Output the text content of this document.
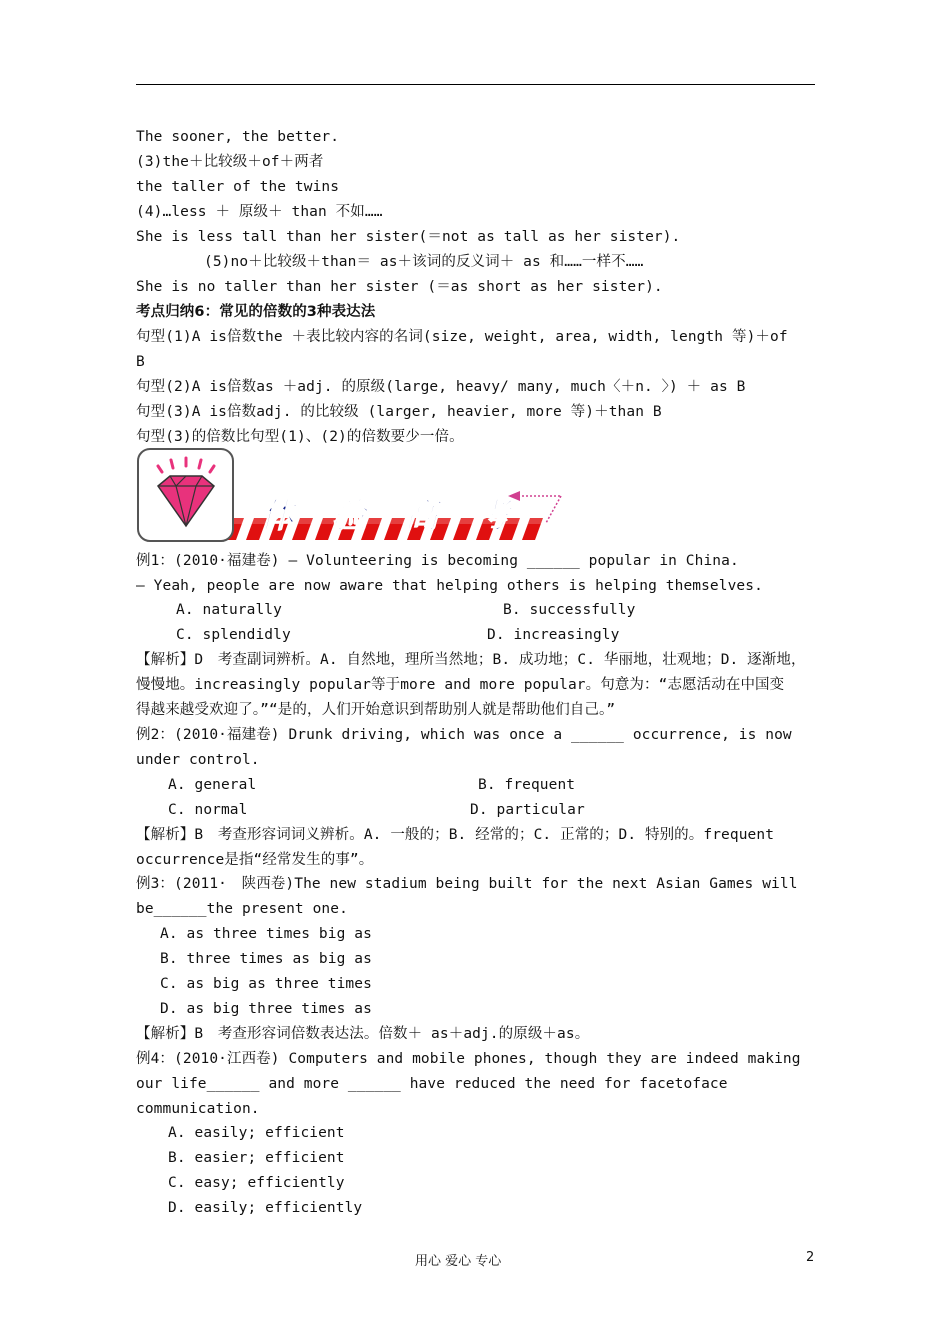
The sooner, the better.
(3)the＋比较级＋of＋两者
the taller of the twins
(4)…less ＋ 原级＋ than 不如……
She is less tall than her sister(＝not as tall as her sister).
(5)no＋比较级＋than＝ as＋该词的反义词＋ as 和……一样不……
She is no taller than her sister (＝as short as her sister).
考点归纳6：常见的倍数的3种表达法
句型(1)A is倍数the ＋表比较内容的名词(size, weight, area, width, length 等)＋of
B
句型(2)A is倍数as ＋adj. 的原级(large, heavy/ many, much〈＋n. 〉) ＋ as B
句型(3)A is倍数adj. 的比较级 (larger, heavier, more 等)＋than B
句型(3)的倍数比句型(1)、(2)的倍数要少一倍。
体验高考
例1：(2010·福建卷) — Volunteering is becoming ______ popular in China.
— Yeah, people are now aware that helping others is helping themselves.
A. naturally	B. successfully
C. splendidly	D. increasingly
【解析】D　考查副词辨析。A. 自然地，理所当然地；B. 成功地；C. 华丽地，壮观地；D. 逐渐地，
慢慢地。increasingly popular等于more and more popular。句意为：“志愿活动在中国变
得越来越受欢迎了。”“是的，人们开始意识到帮助别人就是帮助他们自己。”
例2：(2010·福建卷) Drunk driving, which was once a ______ occurrence, is now
under control.
A. general	B. frequent
C. normal	D. particular
【解析】B　考查形容词词义辨析。A. 一般的；B. 经常的；C. 正常的；D. 特别的。frequent
occurrence是指“经常发生的事”。
例3：(2011·　陕西卷)The new stadium being built for the next Asian Games will
be______the present one.
A. as three times big as
B. three times as big as
C. as big as three times
D. as big three times as
【解析】B　考查形容词倍数表达法。倍数＋ as＋adj.的原级＋as。
例4：(2010·江西卷) Computers and mobile phones, though they are indeed making
our life______ and more ______ have reduced the need for facetoface
communication.
A. easily; efficient
B. easier; efficient
C. easy; efficiently
D. easily; efficiently
用心 爱心 专心	2
